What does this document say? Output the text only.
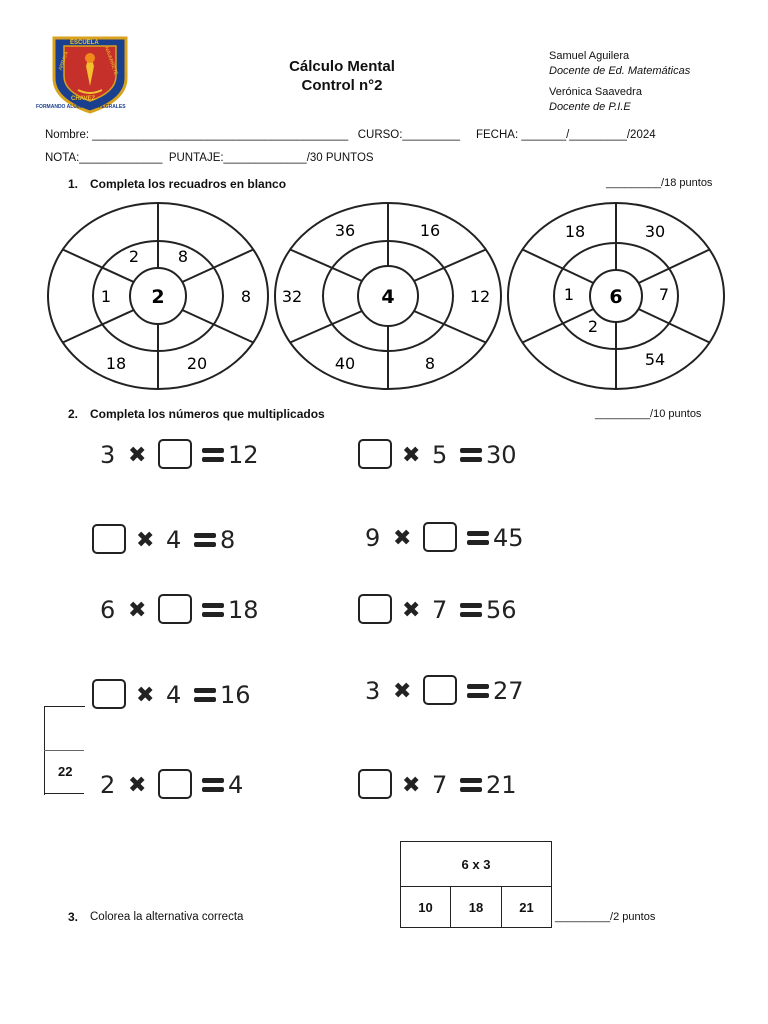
ESCUELA
CHAVEZ
FORMANDO ALUMNOS INTEGRALES
ARRAYA	NAVARRETE	Cálculo Mental
Control n°2
Samuel Aguilera
Docente de Ed. Matemáticas
Verónica Saavedra
Docente de P.I.E
Nombre: ________________________________________   CURSO:_________     FECHA: _______/_________/2024
NOTA:_____________  PUNTAJE:_____________/30 PUNTOS
1. Completa los recuadros en blanco	_________/18 puntos
2
2 8
8
20
18
1	4
36	16
12
8
40
32	6
18	30
7
54
2
1
2. Completa los números que multiplicados	_________/10 puntos
3 ✖	12	✖ 5 30
✖ 4 8	9 ✖	45
6 ✖	18	✖ 7 56
✖ 4 16	3 ✖	27
2 ✖	4	✖ 7 21
22
3. Colorea la alternativa correcta	_________/2 puntos
6 x 3
10	18	21
